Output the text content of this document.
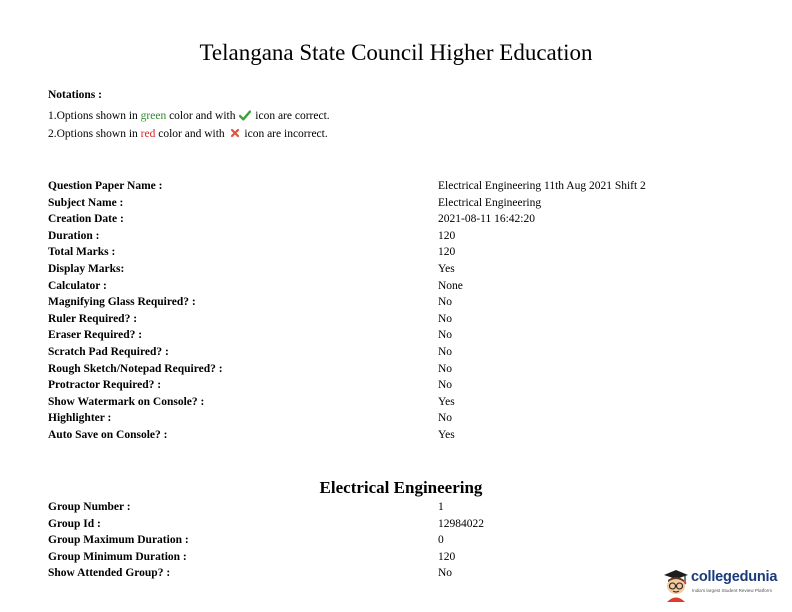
Telangana State Council Higher Education
Notations :
1.Options shown in green color and with  icon are correct.
2.Options shown in red color and with  icon are incorrect.
Question Paper Name :	Electrical Engineering 11th Aug 2021 Shift 2
Subject Name :	Electrical Engineering
Creation Date :	2021-08-11 16:42:20
Duration :	120
Total Marks :	120
Display Marks:	Yes
Calculator :	None
Magnifying Glass Required? :	No
Ruler Required? :	No
Eraser Required? :	No
Scratch Pad Required? :	No
Rough Sketch/Notepad Required? :	No
Protractor Required? :	No
Show Watermark on Console? :	Yes
Highlighter :	No
Auto Save on Console? :	Yes
Electrical Engineering
Group Number :	1
Group Id :	12984022
Group Maximum Duration :	0
Group Minimum Duration :	120
Show Attended Group? :	No	collegedunia
India's largest Student Review Platform
